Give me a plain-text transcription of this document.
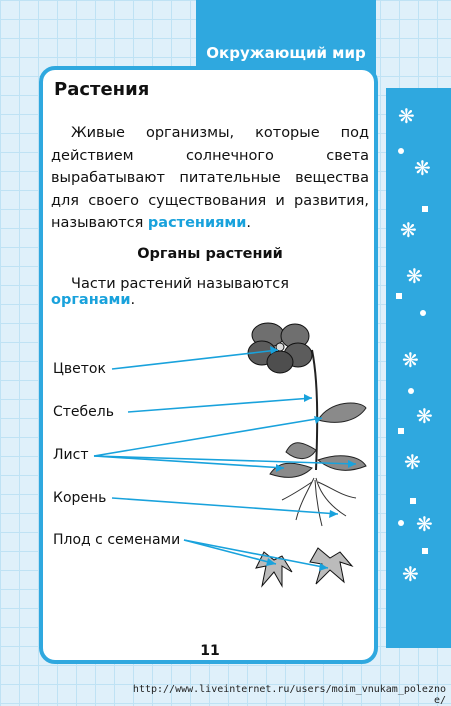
❋
❋
❋
❋
❋
❋
❋
❋
❋
Окружающий мир
Растения
Живые организмы, которые под действием солнечного света вырабатывают питательные вещества для своего существования и развития, называются растениями.
Органы растений
Части растений называются органами.
Цветок
Стебель
Лист
Корень
Плод с семенами
11
http://www.liveinternet.ru/users/moim_vnukam_polezno e/
